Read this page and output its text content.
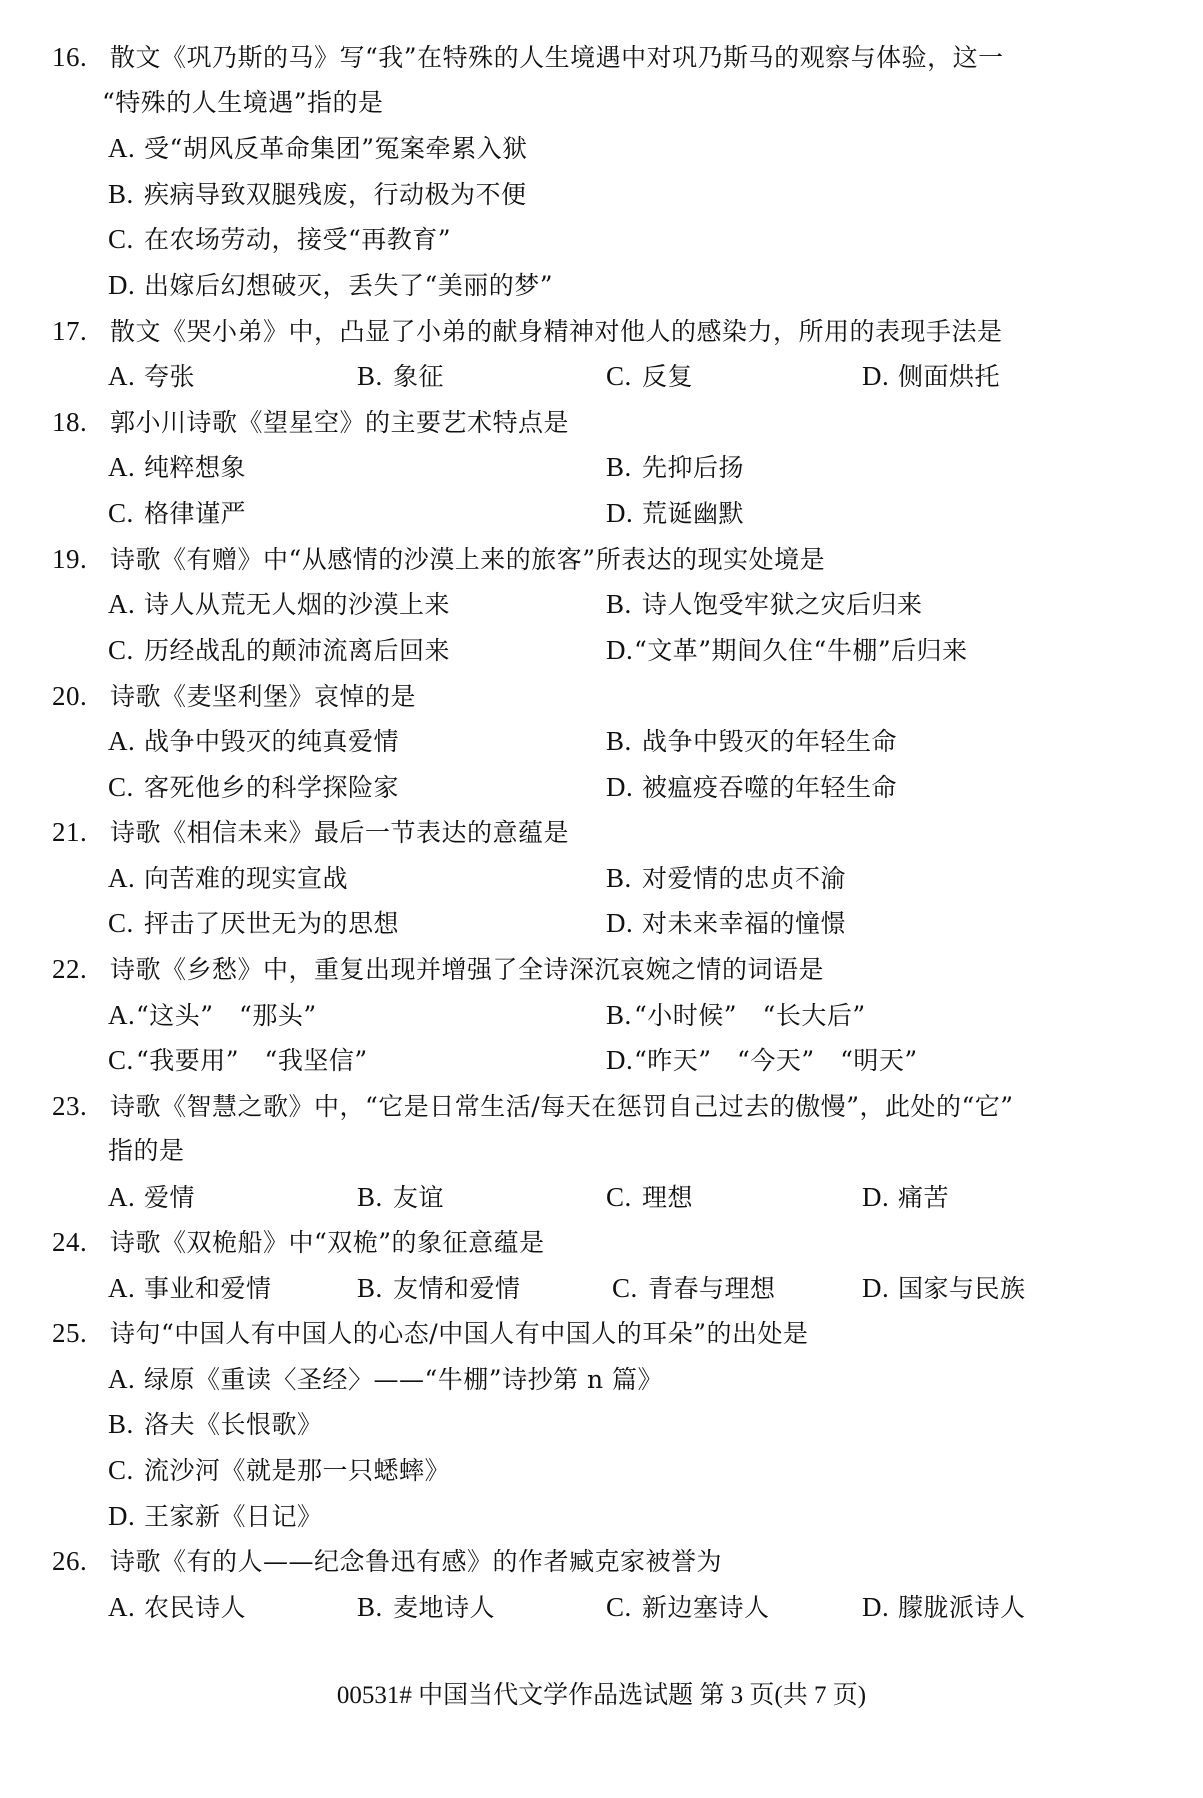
16. 散文《巩乃斯的马》写“我”在特殊的人生境遇中对巩乃斯马的观察与体验，这一
“特殊的人生境遇”指的是
A. 受“胡风反革命集团”冤案牵累入狱
B. 疾病导致双腿残废，行动极为不便
C. 在农场劳动，接受“再教育”
D. 出嫁后幻想破灭，丢失了“美丽的梦”
17. 散文《哭小弟》中，凸显了小弟的献身精神对他人的感染力，所用的表现手法是
A. 夸张	B. 象征	C. 反复	D. 侧面烘托
18. 郭小川诗歌《望星空》的主要艺术特点是
A. 纯粹想象	B. 先抑后扬
C. 格律谨严	D. 荒诞幽默
19. 诗歌《有赠》中“从感情的沙漠上来的旅客”所表达的现实处境是
A. 诗人从荒无人烟的沙漠上来	B. 诗人饱受牢狱之灾后归来
C. 历经战乱的颠沛流离后回来	D.“文革”期间久住“牛棚”后归来
20. 诗歌《麦坚利堡》哀悼的是
A. 战争中毁灭的纯真爱情	B. 战争中毁灭的年轻生命
C. 客死他乡的科学探险家	D. 被瘟疫吞噬的年轻生命
21. 诗歌《相信未来》最后一节表达的意蕴是
A. 向苦难的现实宣战	B. 对爱情的忠贞不渝
C. 抨击了厌世无为的思想	D. 对未来幸福的憧憬
22. 诗歌《乡愁》中，重复出现并增强了全诗深沉哀婉之情的词语是
A.“这头”　“那头”	B.“小时候”　“长大后”
C.“我要用”　“我坚信”	D.“昨天”　“今天”　“明天”
23. 诗歌《智慧之歌》中，“它是日常生活/每天在惩罚自己过去的傲慢”，此处的“它”
指的是
A. 爱情	B. 友谊	C. 理想	D. 痛苦
24. 诗歌《双桅船》中“双桅”的象征意蕴是
A. 事业和爱情	B. 友情和爱情	C. 青春与理想	D. 国家与民族
25. 诗句“中国人有中国人的心态/中国人有中国人的耳朵”的出处是
A. 绿原《重读〈圣经〉——“牛棚”诗抄第 n 篇》
B. 洛夫《长恨歌》
C. 流沙河《就是那一只蟋蟀》
D. 王家新《日记》
26. 诗歌《有的人——纪念鲁迅有感》的作者臧克家被誉为
A. 农民诗人	B. 麦地诗人	C. 新边塞诗人	D. 朦胧派诗人
00531# 中国当代文学作品选试题 第 3 页(共 7 页)
